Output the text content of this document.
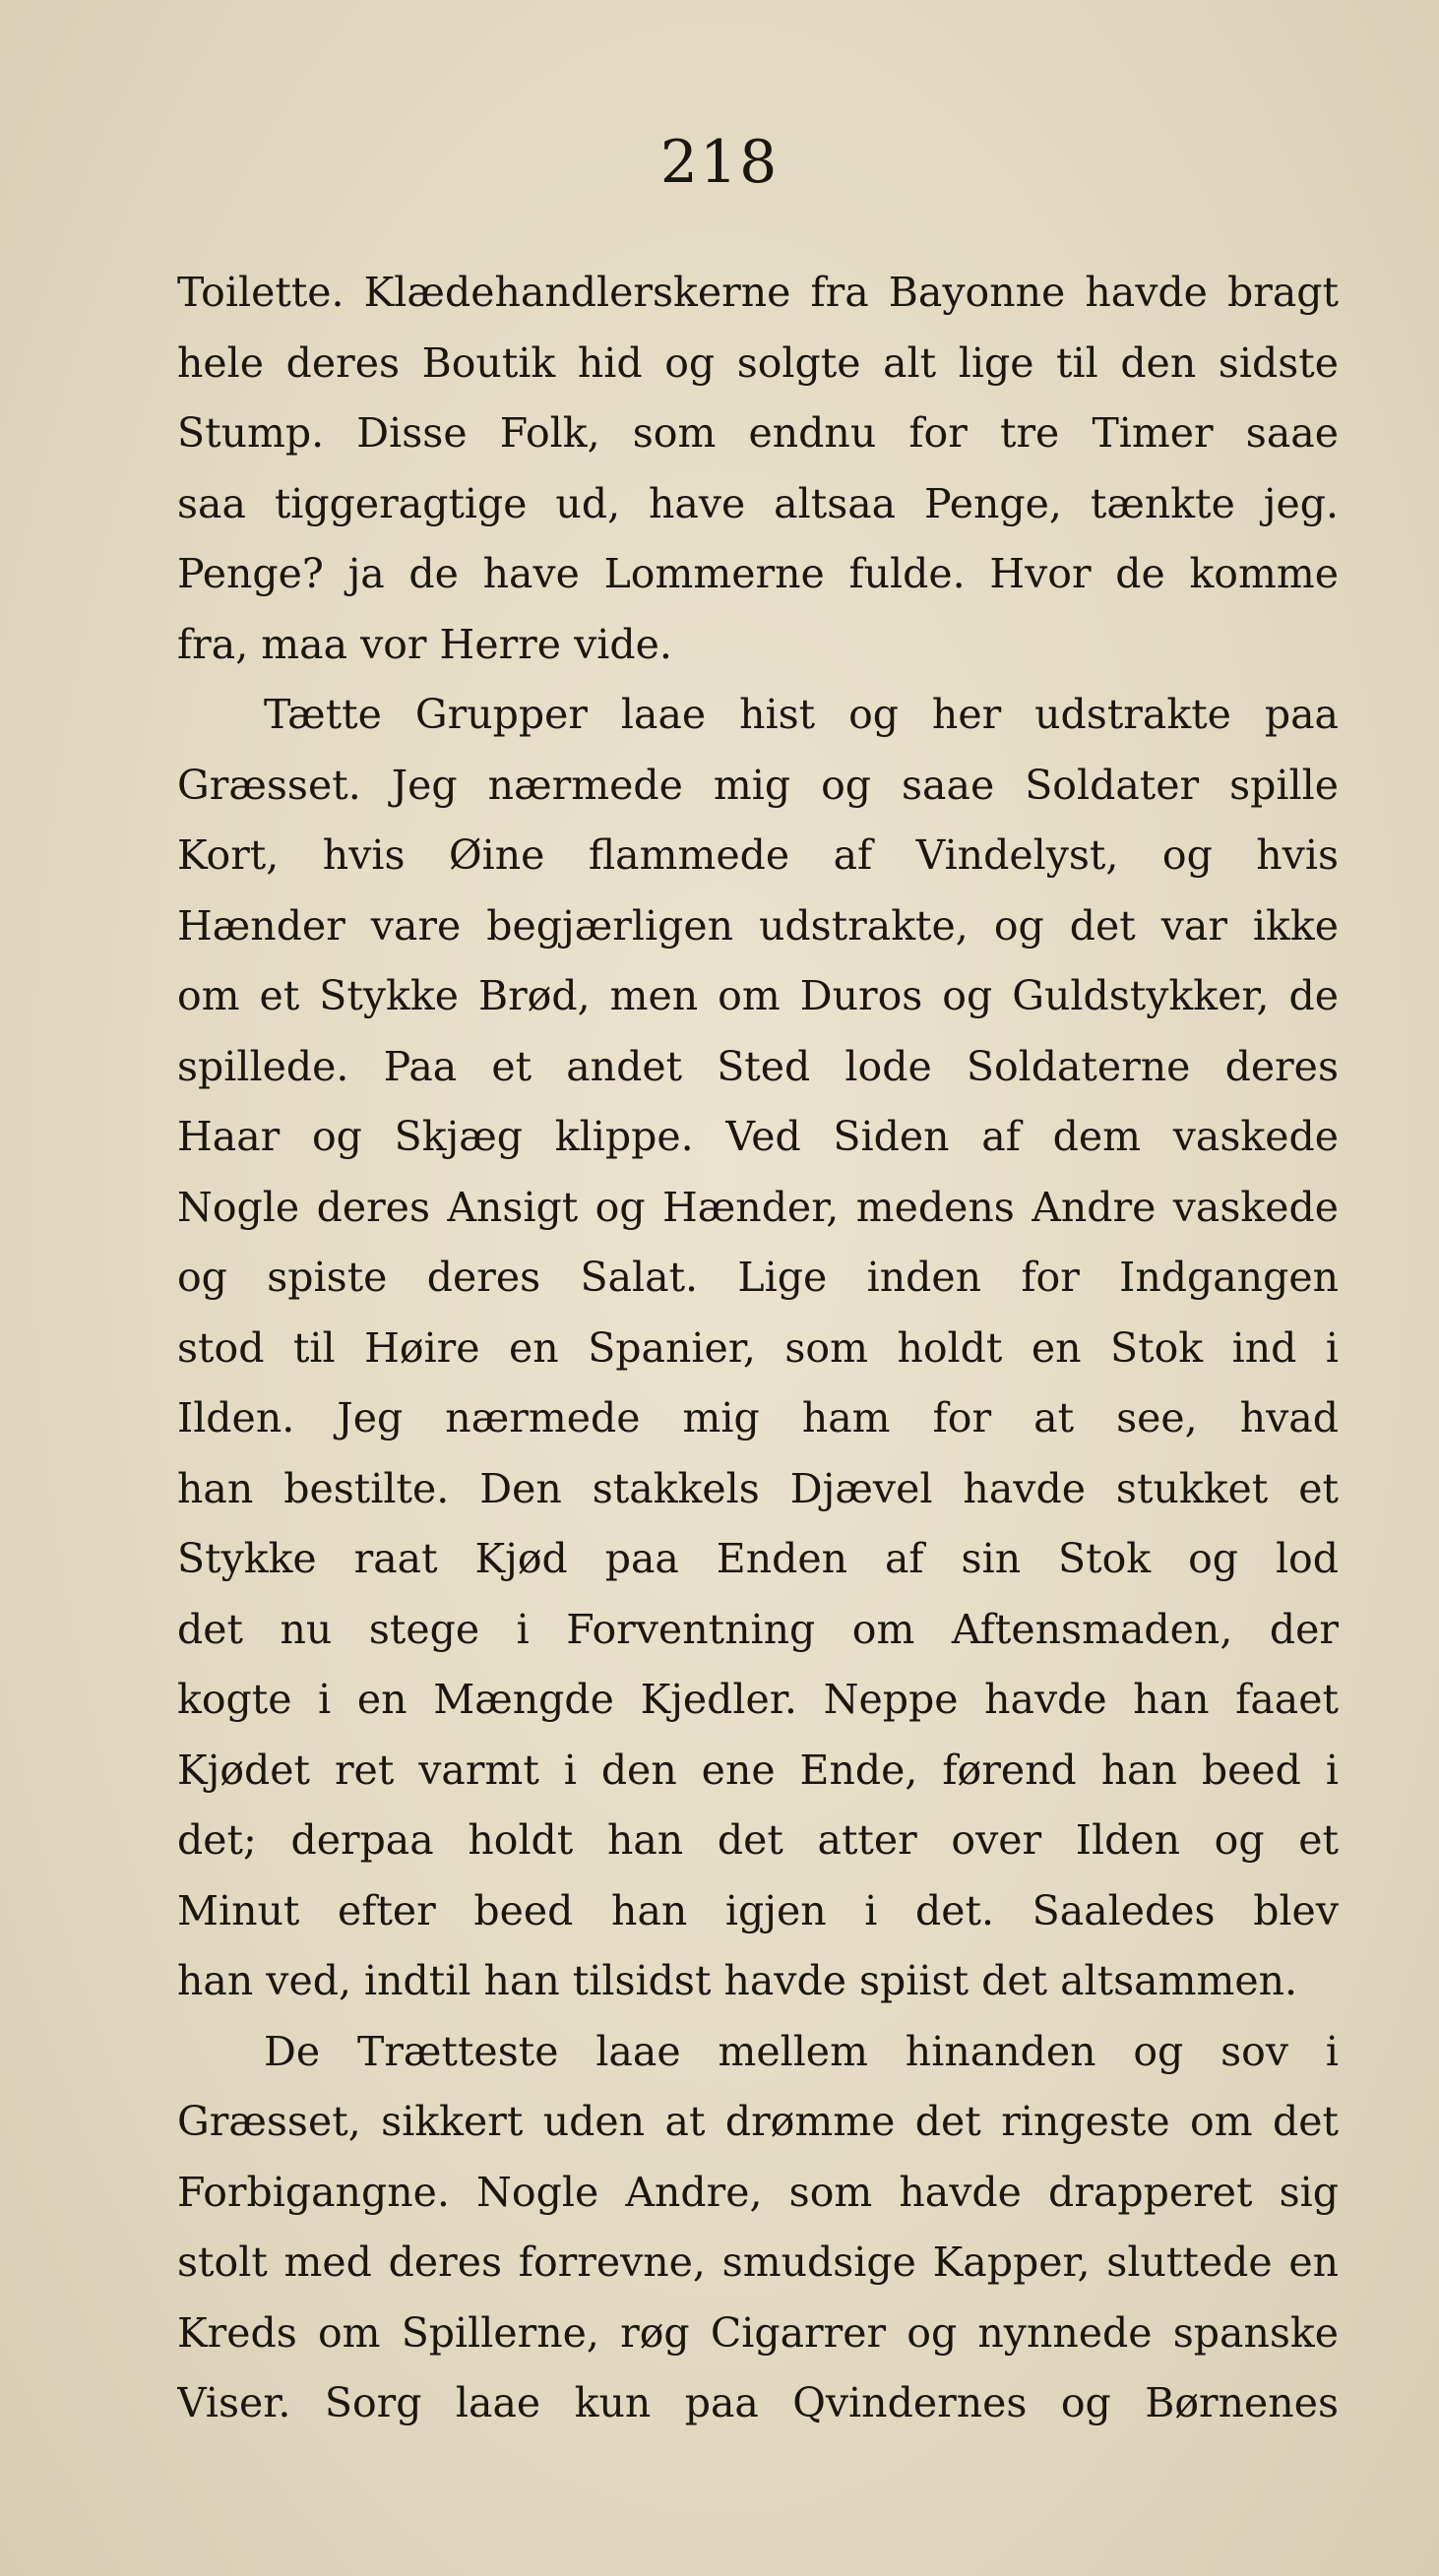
218
Toilette. Klædehandlerskerne fra Bayonne havde bragt
hele deres Boutik hid og solgte alt lige til den sidste
Stump. Disse Folk, som endnu for tre Timer saae
saa tiggeragtige ud, have altsaa Penge, tænkte jeg.
Penge? ja de have Lommerne fulde. Hvor de komme
fra, maa vor Herre vide.
Tætte Grupper laae hist og her udstrakte paa
Græsset. Jeg nærmede mig og saae Soldater spille
Kort, hvis Øine flammede af Vindelyst, og hvis
Hænder vare begjærligen udstrakte, og det var ikke
om et Stykke Brød, men om Duros og Guldstykker, de
spillede. Paa et andet Sted lode Soldaterne deres
Haar og Skjæg klippe. Ved Siden af dem vaskede
Nogle deres Ansigt og Hænder, medens Andre vaskede
og spiste deres Salat. Lige inden for Indgangen
stod til Høire en Spanier, som holdt en Stok ind i
Ilden. Jeg nærmede mig ham for at see, hvad
han bestilte. Den stakkels Djævel havde stukket et
Stykke raat Kjød paa Enden af sin Stok og lod
det nu stege i Forventning om Aftensmaden, der
kogte i en Mængde Kjedler. Neppe havde han faaet
Kjødet ret varmt i den ene Ende, førend han beed i
det; derpaa holdt han det atter over Ilden og et
Minut efter beed han igjen i det. Saaledes blev
han ved, indtil han tilsidst havde spiist det altsammen.
De Trætteste laae mellem hinanden og sov i
Græsset, sikkert uden at drømme det ringeste om det
Forbigangne. Nogle Andre, som havde drapperet sig
stolt med deres forrevne, smudsige Kapper, sluttede en
Kreds om Spillerne, røg Cigarrer og nynnede spanske
Viser. Sorg laae kun paa Qvindernes og Børnenes
